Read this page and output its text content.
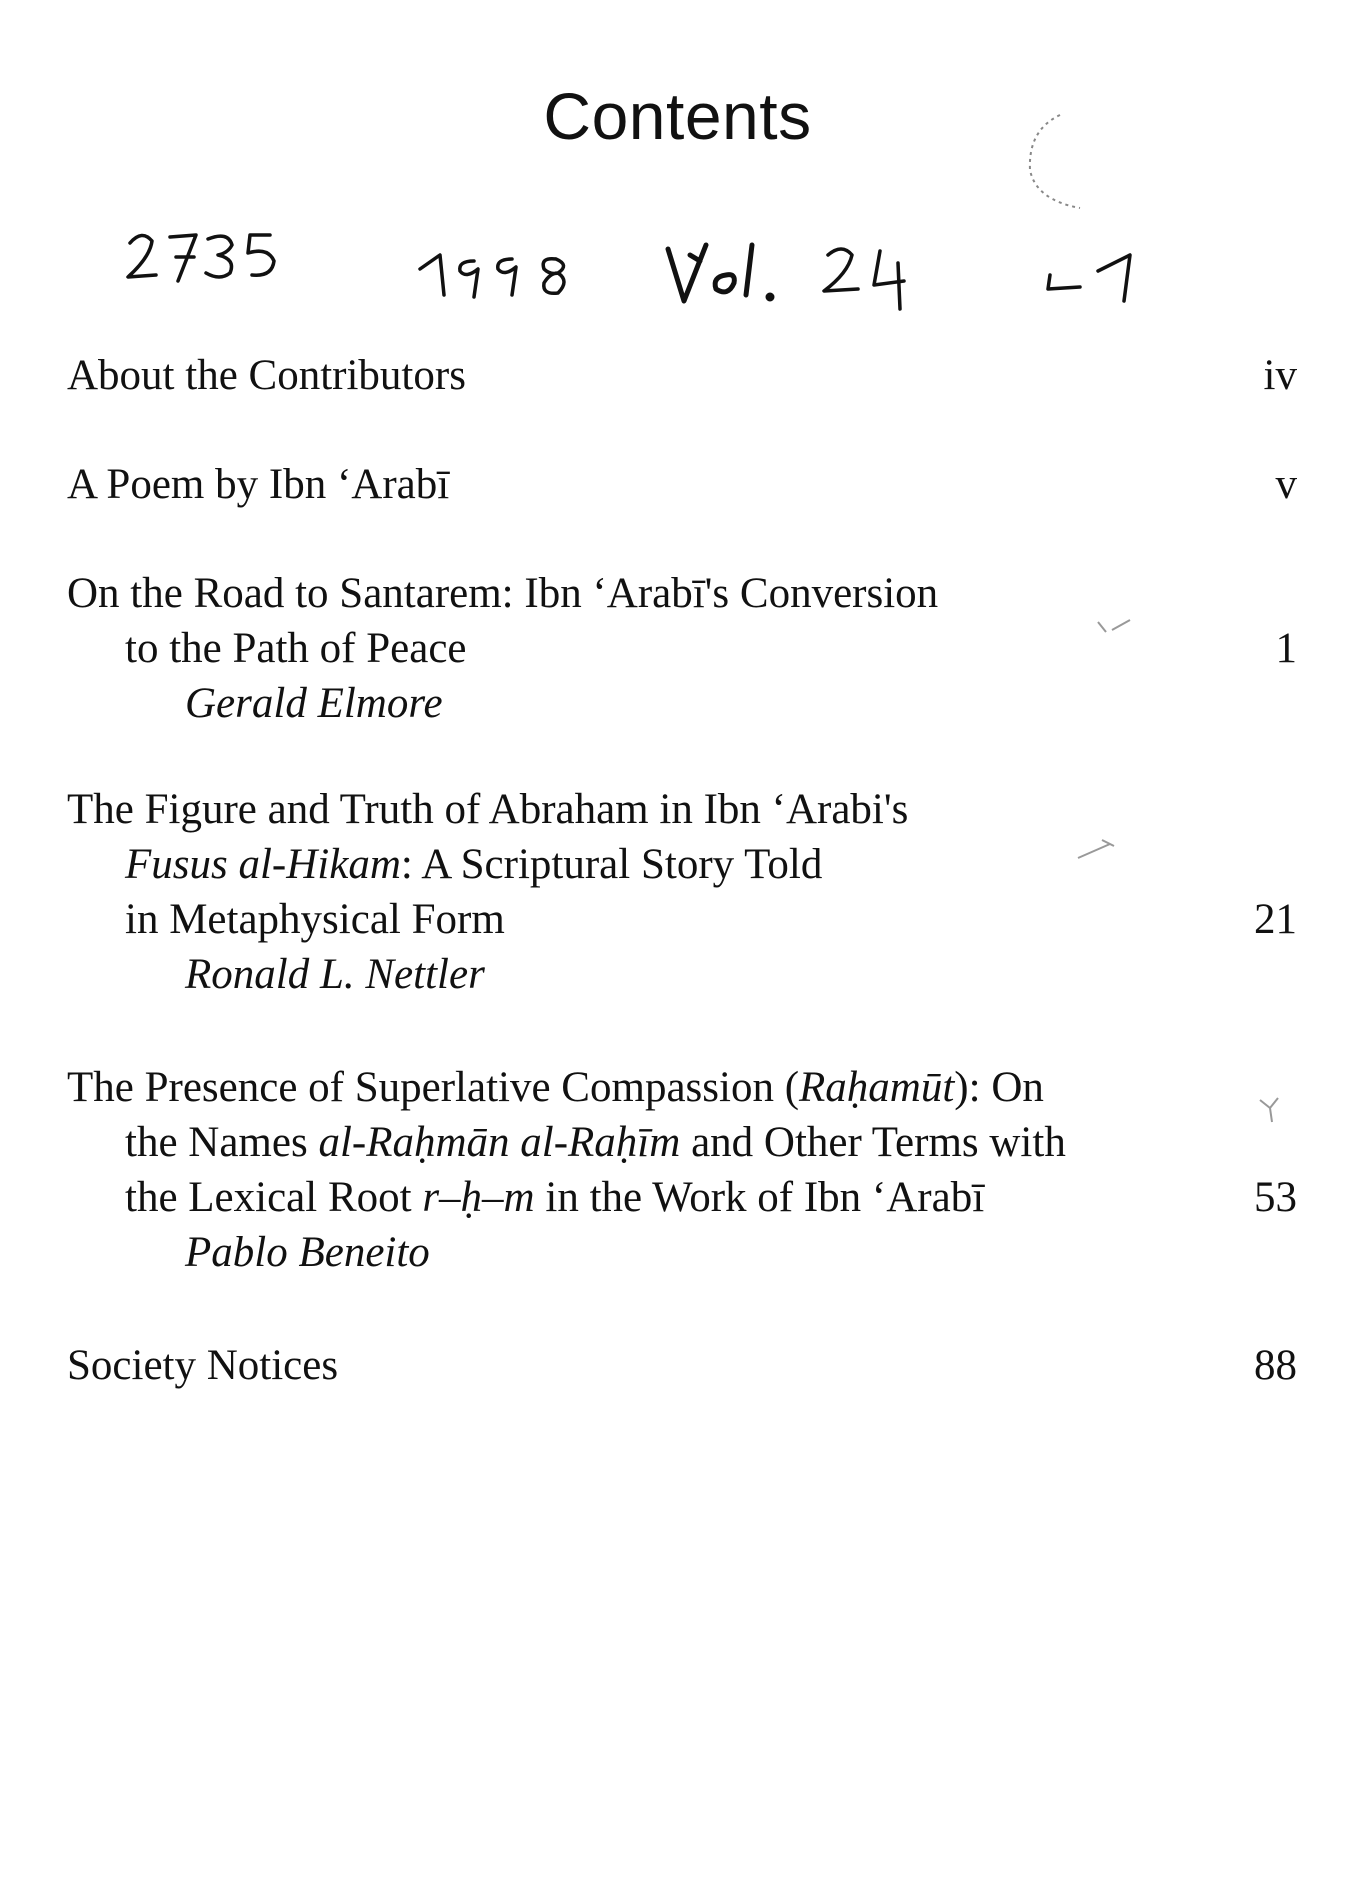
Contents
About the Contributors	iv
A Poem by Ibn ‘Arabī	v
On the Road to Santarem: Ibn ‘Arabī's Conversion
to the Path of Peace	1
Gerald Elmore
The Figure and Truth of Abraham in Ibn ‘Arabi's
Fusus al-Hikam: A Scriptural Story Told
in Metaphysical Form	21
Ronald L. Nettler
The Presence of Superlative Compassion (Raḥamūt): On
the Names al-Raḥmān al-Raḥīm and Other Terms with
the Lexical Root r–ḥ–m in the Work of Ibn ‘Arabī	53
Pablo Beneito
Society Notices	88
